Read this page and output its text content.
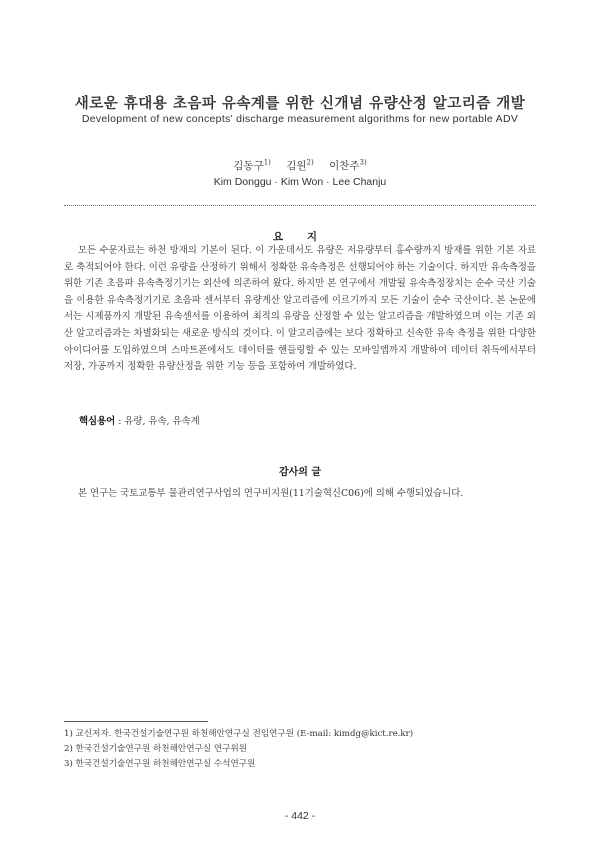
새로운 휴대용 초음파 유속계를 위한 신개념 유량산정 알고리즘 개발
Development of new concepts' discharge measurement algorithms for new portable ADV
김동구$^{1)}$ 김원$^{2)}$ 이찬주$^{3)}$
Kim Donggu · Kim Won · Lee Chanju
요 지

모든 수문자료는 하천 방재의 기본이 된다. 이 가운데서도 유량은 저유량부터 홍수량까지 방재를 위한 기본 자료로 축적되어야 한다. 이런 유량을 산정하기 위해서 정확한 유속측정은 선행되어야 하는 기술이다. 하지만 유속측정을 위한 기존 초음파 유속측정기기는 외산에 의존하여 왔다. 하지만 본 연구에서 개발될 유속측정장치는 순수 국산 기술을 이용한 유속측정기기로 초음파 센서부터 유량계산 알고리즘에 이르기까지 모든 기술이 순수 국산이다. 본 논문에서는 시제품까지 개발된 유속센서를 이용하여 최적의 유량을 산정할 수 있는 알고리즘을 개발하였으며 이는 기존 외산 알고리즘과는 차별화되는 새로운 방식의 것이다. 이 알고리즘에는 보다 정확하고 신속한 유속 측정을 위한 다양한 아이디어를 도입하였으며 스마트폰에서도 데이터를 핸들링할 수 있는 모바일앱까지 개발하여 데이터 취득에서부터 저장, 가공까지 정확한 유량산정을 위한 기능 등을 포함하여 개발하였다.

핵심용어 : 유량, 유속, 유속계
감사의 글
본 연구는 국토교통부 물관리연구사업의 연구비지원(11기술혁신C06)에 의해 수행되었습니다.
1) 교신저자. 한국건설기술연구원 하천해안연구실 전임연구원 (E-mail: kimdg@kict.re.kr)
2) 한국건설기술연구원 하천해안연구실 연구위원
3) 한국건설기술연구원 하천해안연구실 수석연구원
- 442 -
